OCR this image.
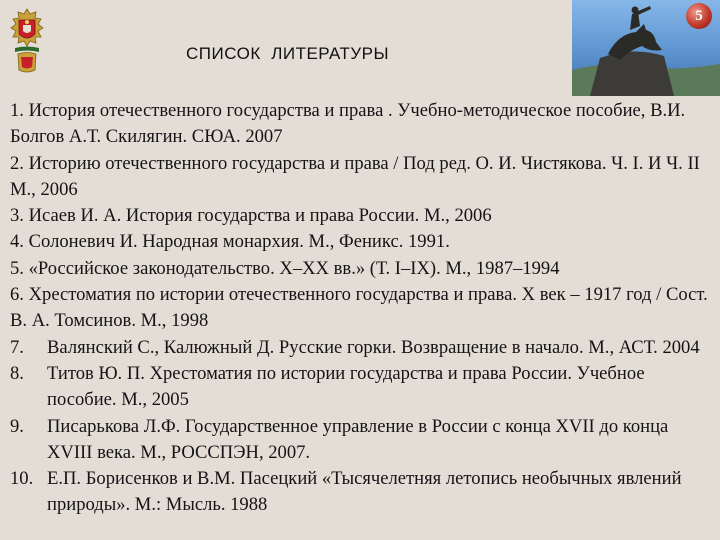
СПИСОК  ЛИТЕРАТУРЫ
5

1. История отечественного государства и права . Учебно-методическое пособие, В.И. Болгов А.Т. Скилягин. СЮА. 2007

2. Историю отечественного государства и права / Под ред. О. И. Чистякова. Ч. I. И Ч. II М., 2006

3. Исаев И. А. История государства и права России. М., 2006

4. Солоневич И. Народная монархия. М., Феникс. 1991.

5. «Российское законодательство. X–XX вв.» (Т. I–IX). М., 1987–1994

6. Хрестоматия по истории отечественного государства и права. X век – 1917 год / Сост. В. А. Томсинов. М., 1998

7. Валянский С., Калюжный Д. Русские горки. Возвращение в начало. М., АСТ. 2004

8. Титов Ю. П. Хрестоматия по истории государства и права России. Учебное пособие. М., 2005

9. Писарькова Л.Ф. Государственное управление в России с конца XVII до конца XVIII века. М., РОССПЭН, 2007.

10. Е.П. Борисенков и В.М. Пасецкий «Тысячелетняя летопись необычных явлений природы». М.: Мысль. 1988
